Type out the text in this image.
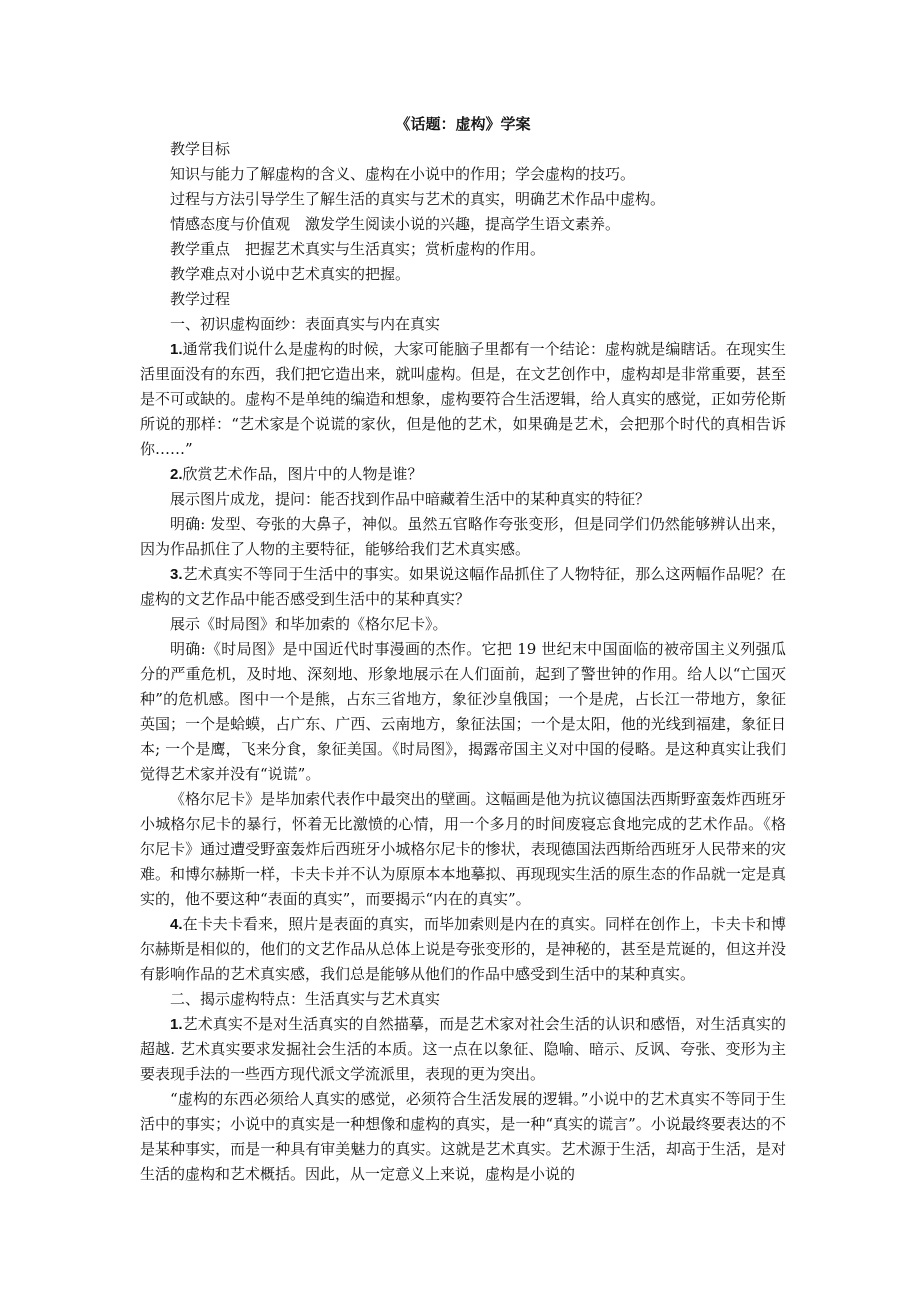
《话题：虚构》学案

教学目标

知识与能力了解虚构的含义、虚构在小说中的作用；学会虚构的技巧。

过程与方法引导学生了解生活的真实与艺术的真实，明确艺术作品中虚构。

情感态度与价值观　激发学生阅读小说的兴趣，提高学生语文素养。

教学重点　把握艺术真实与生活真实；赏析虚构的作用。

教学难点对小说中艺术真实的把握。

教学过程

一、初识虚构面纱：表面真实与内在真实

1.通常我们说什么是虚构的时候，大家可能脑子里都有一个结论：虚构就是编瞎话。在现实生活里面没有的东西，我们把它造出来，就叫虚构。但是，在文艺创作中，虚构却是非常重要，甚至是不可或缺的。虚构不是单纯的编造和想象，虚构要符合生活逻辑，给人真实的感觉，正如劳伦斯所说的那样：“艺术家是个说谎的家伙，但是他的艺术，如果确是艺术，会把那个时代的真相告诉你……”

2.欣赏艺术作品，图片中的人物是谁？

展示图片成龙，提问：能否找到作品中暗藏着生活中的某种真实的特征？

明确: 发型、夸张的大鼻子，神似。虽然五官略作夸张变形，但是同学们仍然能够辨认出来，因为作品抓住了人物的主要特征，能够给我们艺术真实感。

3.艺术真实不等同于生活中的事实。如果说这幅作品抓住了人物特征，那么这两幅作品呢？在虚构的文艺作品中能否感受到生活中的某种真实？

展示《时局图》和毕加索的《格尔尼卡》。

明确:《时局图》是中国近代时事漫画的杰作。它把 19 世纪末中国面临的被帝国主义列强瓜分的严重危机，及时地、深刻地、形象地展示在人们面前，起到了警世钟的作用。给人以“亡国灭种”的危机感。图中一个是熊，占东三省地方，象征沙皇俄国；一个是虎，占长江一带地方，象征英国；一个是蛤蟆，占广东、广西、云南地方，象征法国；一个是太阳，他的光线到福建，象征日本; 一个是鹰，飞来分食，象征美国。《时局图》，揭露帝国主义对中国的侵略。是这种真实让我们觉得艺术家并没有“说谎”。

《格尔尼卡》是毕加索代表作中最突出的壁画。这幅画是他为抗议德国法西斯野蛮轰炸西班牙小城格尔尼卡的暴行，怀着无比激愤的心情，用一个多月的时间废寝忘食地完成的艺术作品。《格尔尼卡》通过遭受野蛮轰炸后西班牙小城格尔尼卡的惨状，表现德国法西斯给西班牙人民带来的灾难。和博尔赫斯一样，卡夫卡并不认为原原本本地摹拟、再现现实生活的原生态的作品就一定是真实的，他不要这种“表面的真实”，而要揭示“内在的真实”。

4.在卡夫卡看来，照片是表面的真实，而毕加索则是内在的真实。同样在创作上，卡夫卡和博尔赫斯是相似的，他们的文艺作品从总体上说是夸张变形的，是神秘的，甚至是荒诞的，但这并没有影响作品的艺术真实感，我们总是能够从他们的作品中感受到生活中的某种真实。

二、揭示虚构特点：生活真实与艺术真实

1.艺术真实不是对生活真实的自然描摹，而是艺术家对社会生活的认识和感悟，对生活真实的超越. 艺术真实要求发掘社会生活的本质。这一点在以象征、隐喻、暗示、反讽、夸张、变形为主要表现手法的一些西方现代派文学流派里，表现的更为突出。

“虚构的东西必须给人真实的感觉，必须符合生活发展的逻辑。”小说中的艺术真实不等同于生活中的事实；小说中的真实是一种想像和虚构的真实，是一种“真实的谎言”。小说最终要表达的不是某种事实，而是一种具有审美魅力的真实。这就是艺术真实。艺术源于生活，却高于生活，是对生活的虚构和艺术概括。因此，从一定意义上来说，虚构是小说的
